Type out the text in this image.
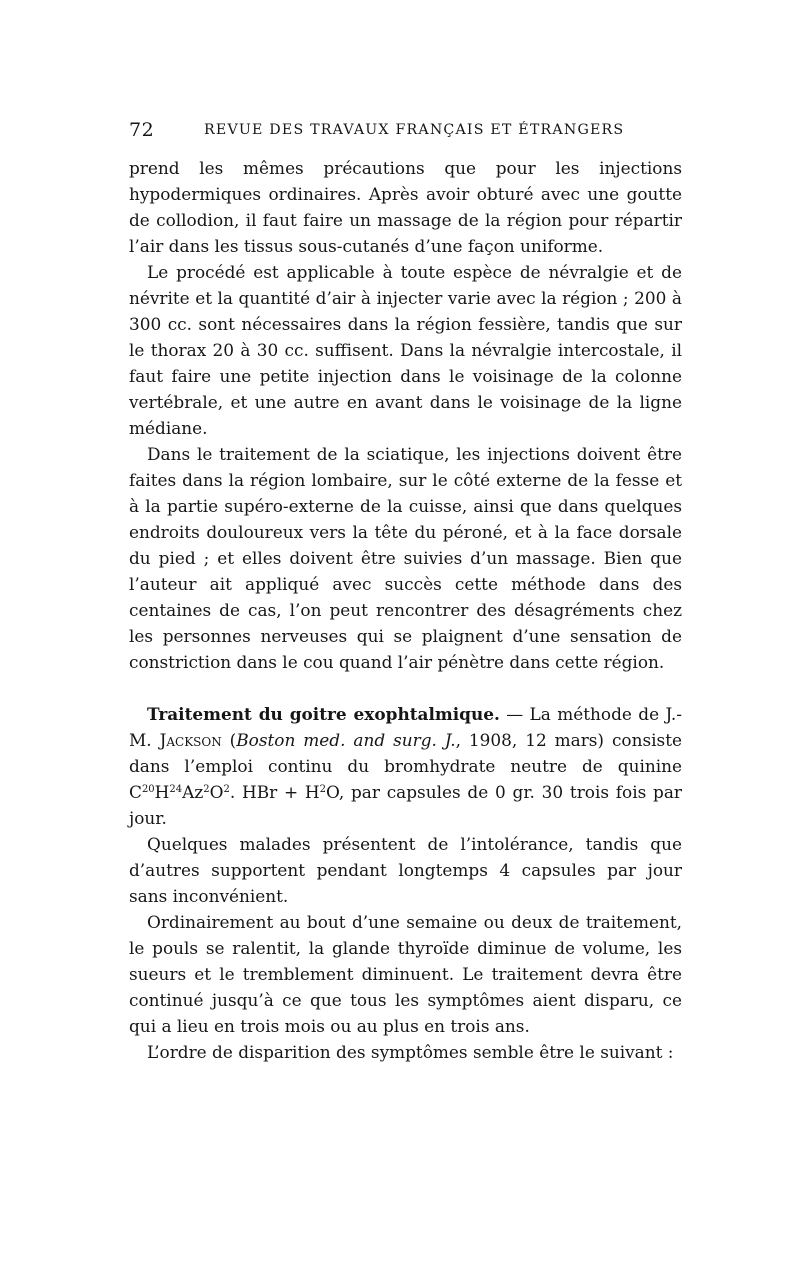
72	REVUE DES TRAVAUX FRANÇAIS ET ÉTRANGERS

prend les mêmes précautions que pour les injections hypodermiques ordinaires. Après avoir obturé avec une goutte de collodion, il faut faire un massage de la région pour répartir l’air dans les tissus sous-cutanés d’une façon uniforme.

Le procédé est applicable à toute espèce de névralgie et de névrite et la quantité d’air à injecter varie avec la région ; 200 à 300 cc. sont nécessaires dans la région fessière, tandis que sur le thorax 20 à 30 cc. suffisent. Dans la névralgie intercostale, il faut faire une petite injection dans le voisinage de la colonne vertébrale, et une autre en avant dans le voisinage de la ligne médiane.

Dans le traitement de la sciatique, les injections doivent être faites dans la région lombaire, sur le côté externe de la fesse et à la partie supéro-externe de la cuisse, ainsi que dans quelques endroits douloureux vers la tête du péroné, et à la face dorsale du pied ; et elles doivent être suivies d’un massage. Bien que l’auteur ait appliqué avec succès cette méthode dans des centaines de cas, l’on peut rencontrer des désagréments chez les personnes nerveuses qui se plaignent d’une sensation de constriction dans le cou quand l’air pénètre dans cette région.

Traitement du goitre exophtalmique. — La méthode de J.-M. Jackson (Boston med. and surg. J., 1908, 12 mars) consiste dans l’emploi continu du bromhydrate neutre de quinine $C^{20}H^{24}Az^2O^2$. HBr + $H^2O$, par capsules de 0 gr. 30 trois fois par jour.

Quelques malades présentent de l’intolérance, tandis que d’autres supportent pendant longtemps 4 capsules par jour sans inconvénient.

Ordinairement au bout d’une semaine ou deux de traitement, le pouls se ralentit, la glande thyroïde diminue de volume, les sueurs et le tremblement diminuent. Le traitement devra être continué jusqu’à ce que tous les symptômes aient disparu, ce qui a lieu en trois mois ou au plus en trois ans.

L’ordre de disparition des symptômes semble être le suivant :
